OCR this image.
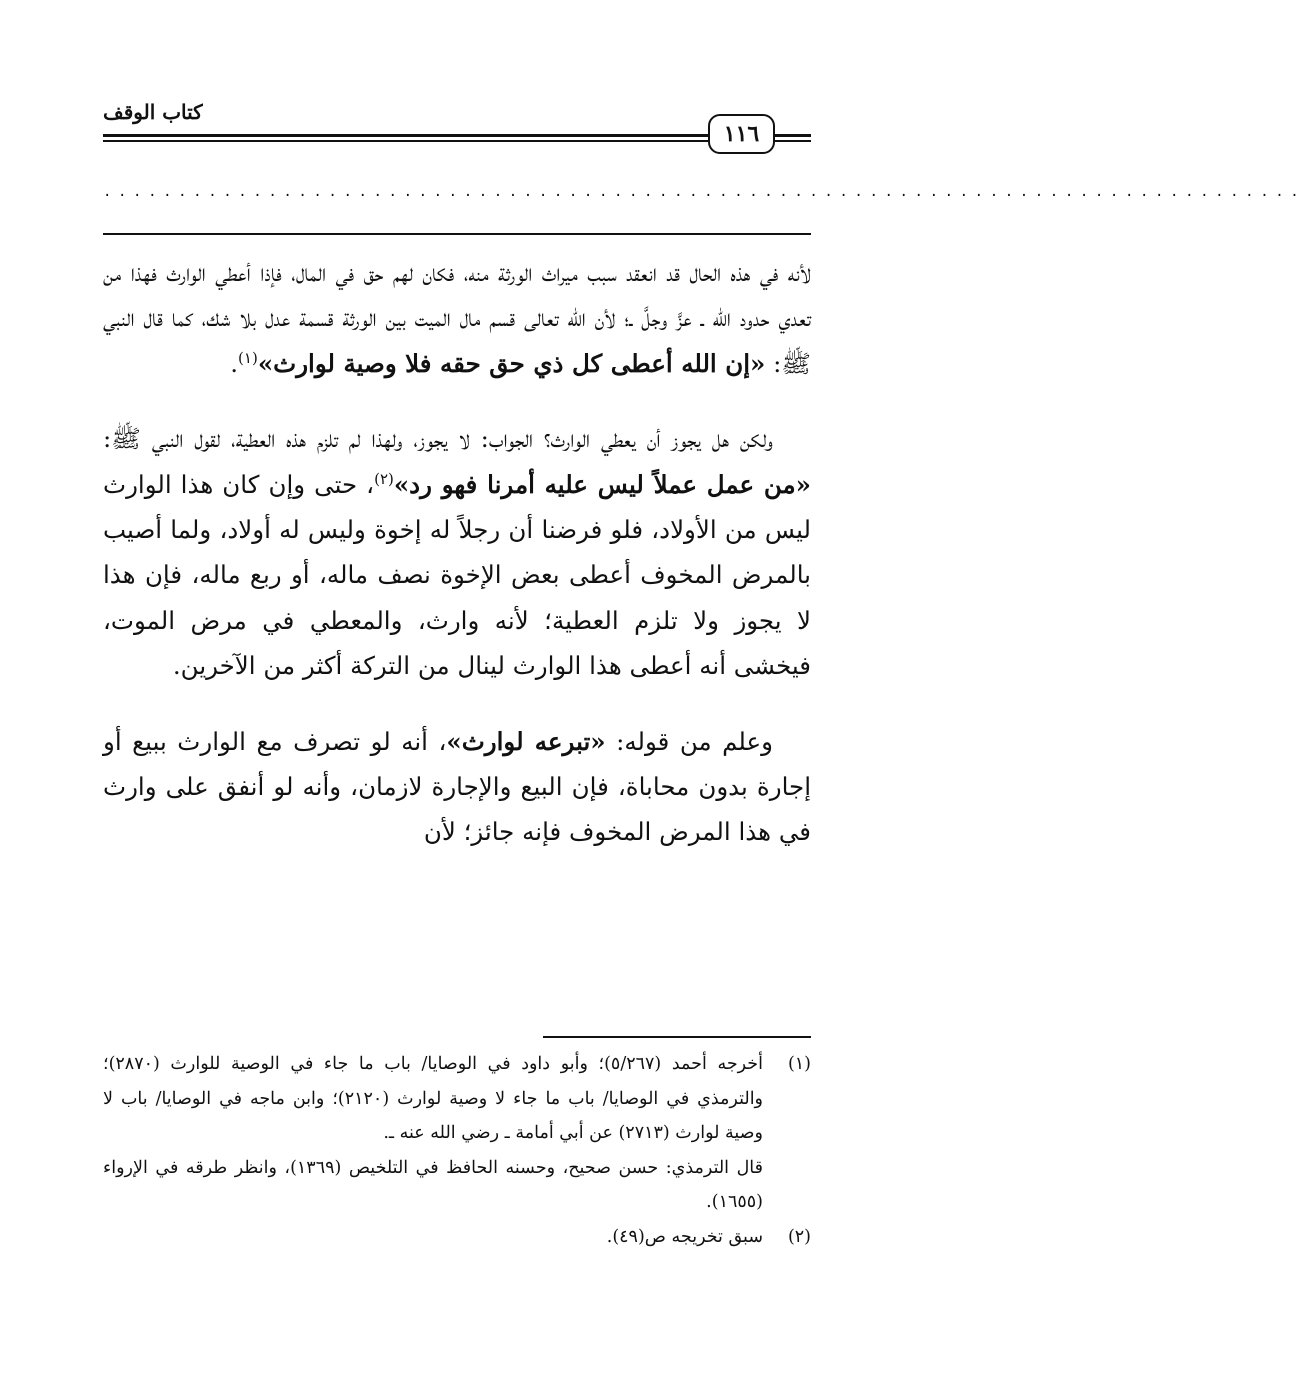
كتاب الوقف
١١٦
................................................................................

لأنه في هذه الحال قد انعقد سبب ميراث الورثة منه، فكان لهم حق في المال، فإذا أعطي الوارث فهذا من تعدي حدود الله ـ عزَّ وجلَّ ـ؛ لأن الله تعالى قسم مال الميت بين الورثة قسمة عدل بلا شك، كما قال النبي ﷺ: «إن الله أعطى كل ذي حق حقه فلا وصية لوارث»$^{(١)}$.

ولكن هل يجوز أن يعطي الوارث؟ الجواب: لا يجوز، ولهذا لم تلزم هذه العطية، لقول النبي ﷺ: «من عمل عملاً ليس عليه أمرنا فهو رد»$^{(٢)}$، حتى وإن كان هذا الوارث ليس من الأولاد، فلو فرضنا أن رجلاً له إخوة وليس له أولاد، ولما أصيب بالمرض المخوف أعطى بعض الإخوة نصف ماله، أو ربع ماله، فإن هذا لا يجوز ولا تلزم العطية؛ لأنه وارث، والمعطي في مرض الموت، فيخشى أنه أعطى هذا الوارث لينال من التركة أكثر من الآخرين.

وعلم من قوله: «تبرعه لوارث»، أنه لو تصرف مع الوارث ببيع أو إجارة بدون محاباة، فإن البيع والإجارة لازمان، وأنه لو أنفق على وارث في هذا المرض المخوف فإنه جائز؛ لأن

(١)

أخرجه أحمد (٥/٢٦٧)؛ وأبو داود في الوصايا/ باب ما جاء في الوصية للوارث (٢٨٧٠)؛ والترمذي في الوصايا/ باب ما جاء لا وصية لوارث (٢١٢٠)؛ وابن ماجه في الوصايا/ باب لا وصية لوارث (٢٧١٣) عن أبي أمامة ـ رضي الله عنه ـ.

قال الترمذي: حسن صحيح، وحسنه الحافظ في التلخيص (١٣٦٩)، وانظر طرقه في الإرواء (١٦٥٥).

(٢)

سبق تخريجه ص(٤٩).
